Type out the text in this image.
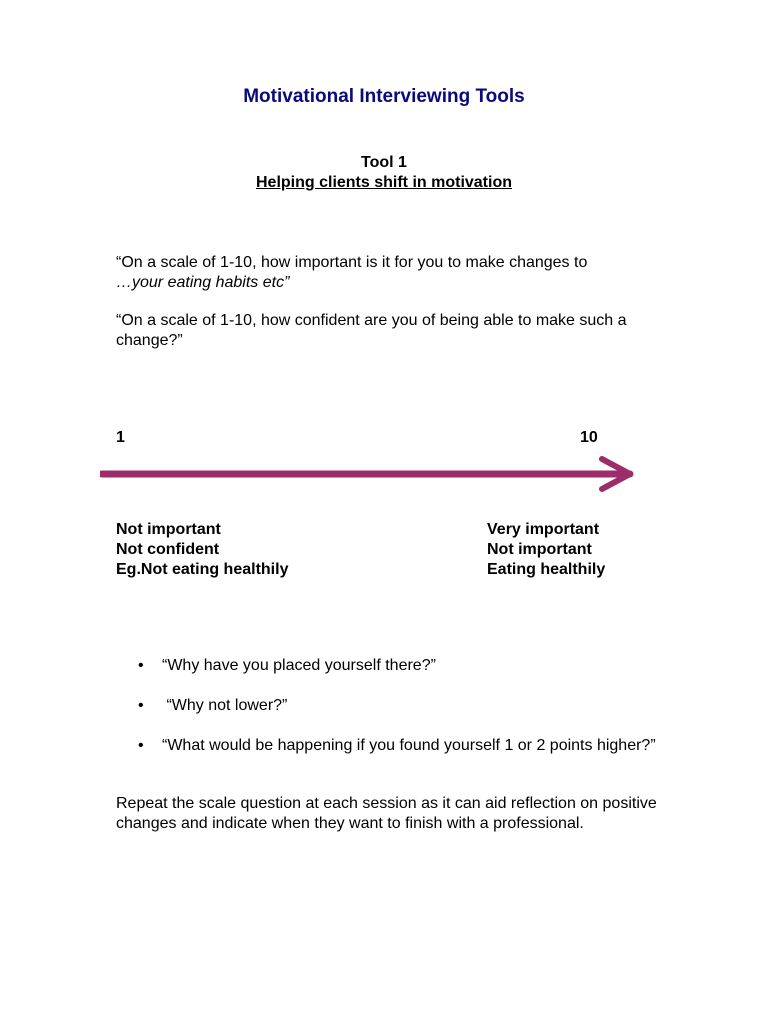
Motivational Interviewing Tools
Tool 1
Helping clients shift in motivation
“On a scale of 1-10, how important is it for you to make changes to
…your eating habits etc”
“On a scale of 1-10, how confident are you of being able to make such a change?”
1	10
Not important
Not confident
Eg.Not eating healthily
Very important
Not important
Eating healthily
• “Why have you placed yourself there?”
• “Why not lower?”
• “What would be happening if you found yourself 1 or 2 points higher?”
Repeat the scale question at each session as it can aid reflection on positive changes and indicate when they want to finish with a professional.
